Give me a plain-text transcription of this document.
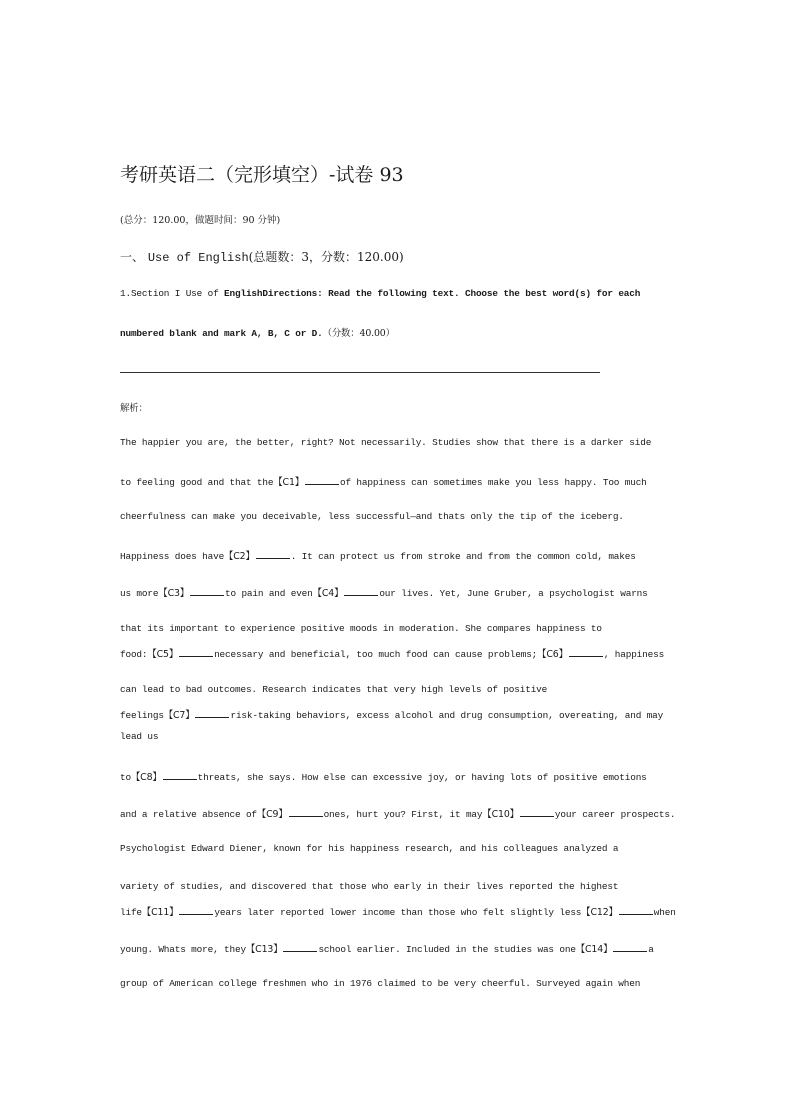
考研英语二（完形填空）-试卷 93
(总分：120.00，做题时间：90 分钟)
一、 Use of English(总题数：3，分数：120.00)
1.Section I Use of EnglishDirections: Read the following text. Choose the best word(s) for each
numbered blank and mark A, B, C or D.（分数：40.00）
解析：
The happier you are, the better, right? Not necessarily. Studies show that there is a darker side
to feeling good and that the【C1】	of happiness can sometimes make you less happy. Too much
cheerfulness can make you deceivable, less successful—and thats only the tip of the iceberg.
Happiness does have【C2】	. It can protect us from stroke and from the common cold, makes
us more【C3】	to pain and even【C4】	our lives. Yet, June Gruber, a psychologist warns
that its important to experience positive moods in moderation. She compares happiness to
food:【C5】	necessary and beneficial, too much food can cause problems;【C6】	, happiness
can lead to bad outcomes. Research indicates that very high levels of positive
feelings【C7】	risk-taking behaviors, excess alcohol and drug consumption, overeating, and may
lead us
to【C8】	threats, she says. How else can excessive joy, or having lots of positive emotions
and a relative absence of【C9】	ones, hurt you? First, it may【C10】	your career prospects.
Psychologist Edward Diener, known for his happiness research, and his colleagues analyzed a
variety of studies, and discovered that those who early in their lives reported the highest
life【C11】	years later reported lower income than those who felt slightly less【C12】	when
young. Whats more, they【C13】	school earlier. Included in the studies was one【C14】	a
group of American college freshmen who in 1976 claimed to be very cheerful. Surveyed again when
